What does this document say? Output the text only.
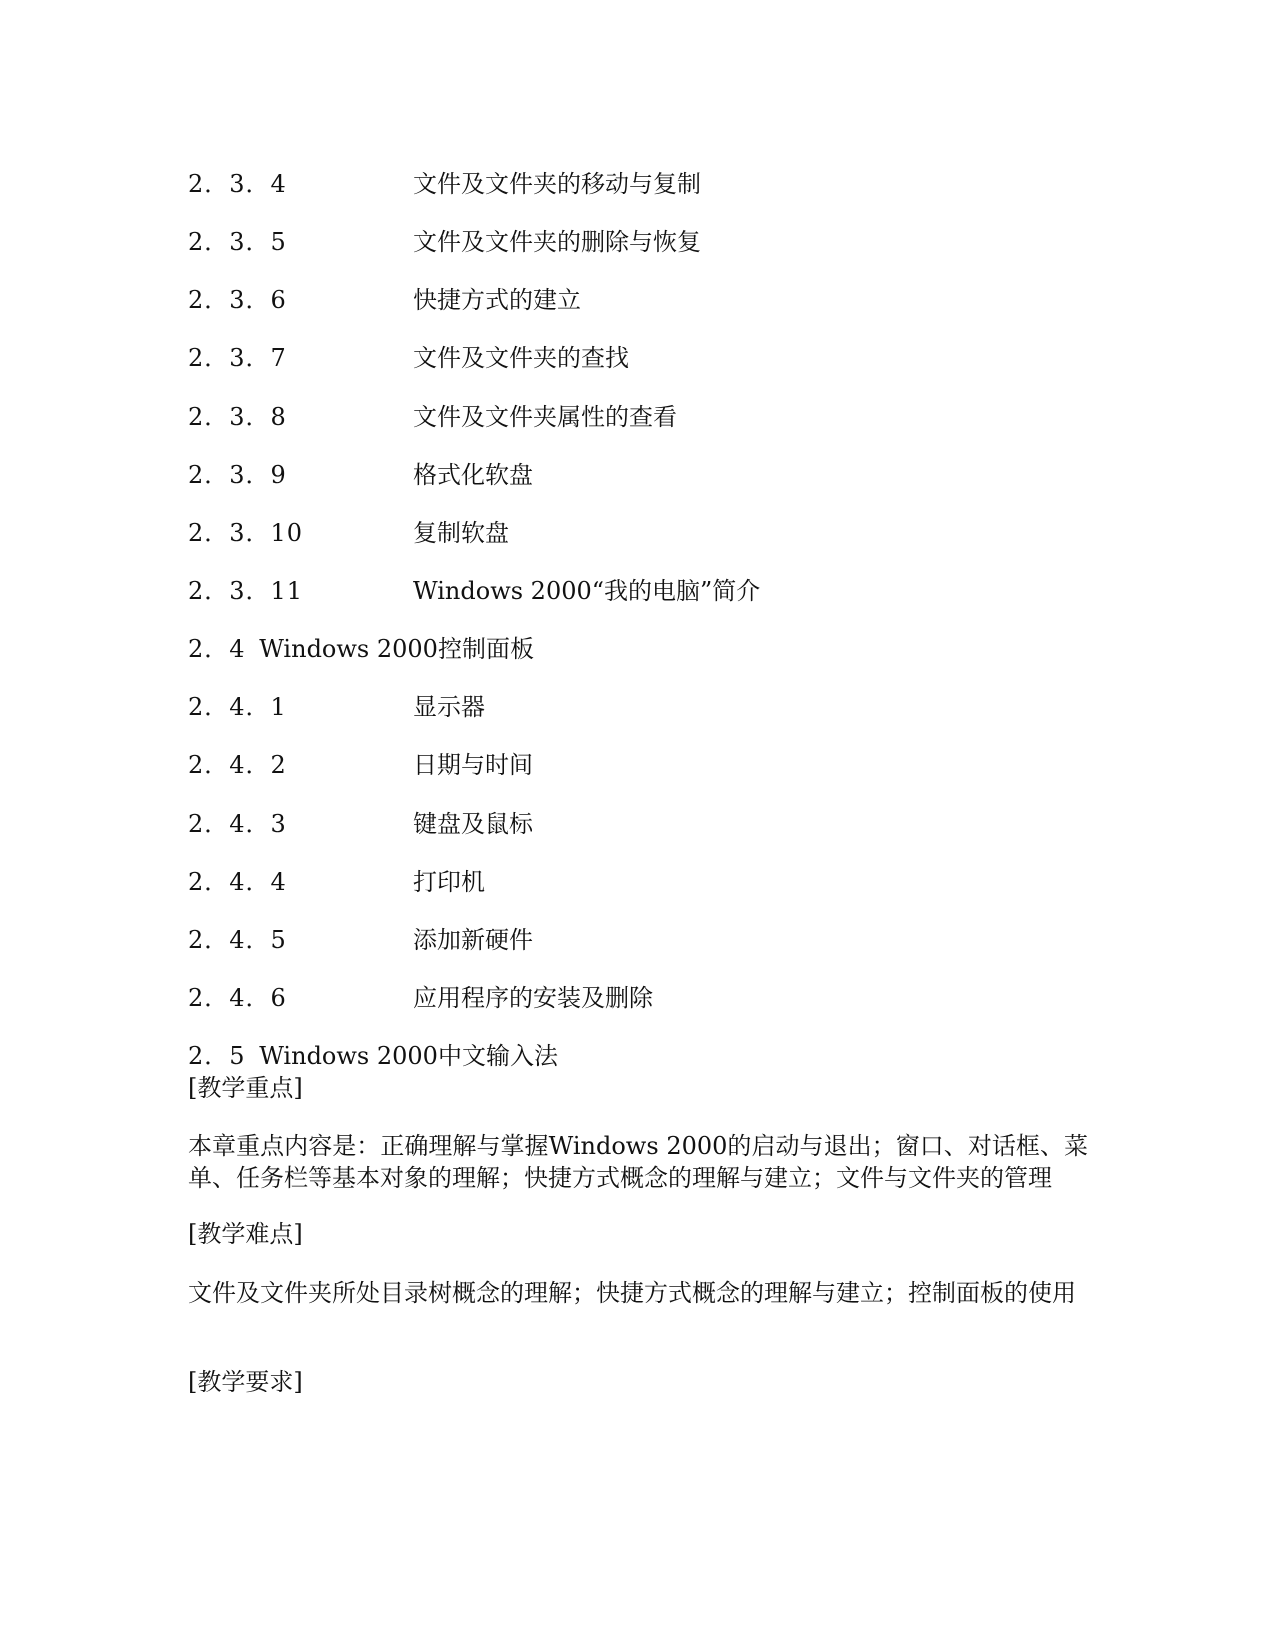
2．3．4	文件及文件夹的移动与复制
2．3．5	文件及文件夹的删除与恢复
2．3．6	快捷方式的建立
2．3．7	文件及文件夹的查找
2．3．8	文件及文件夹属性的查看
2．3．9	格式化软盘
2．3．10	复制软盘
2．3．11	Windows 2000“我的电脑”简介
2．4 Windows 2000控制面板
2．4．1	显示器
2．4．2	日期与时间
2．4．3	键盘及鼠标
2．4．4	打印机
2．4．5	添加新硬件
2．4．6	应用程序的安装及删除
2．5 Windows 2000中文输入法
[教学重点]
本章重点内容是：正确理解与掌握Windows 2000的启动与退出；窗口、对话框、菜单、任务栏等基本对象的理解；快捷方式概念的理解与建立；文件与文件夹的管理
[教学难点]
文件及文件夹所处目录树概念的理解；快捷方式概念的理解与建立；控制面板的使用
[教学要求]
